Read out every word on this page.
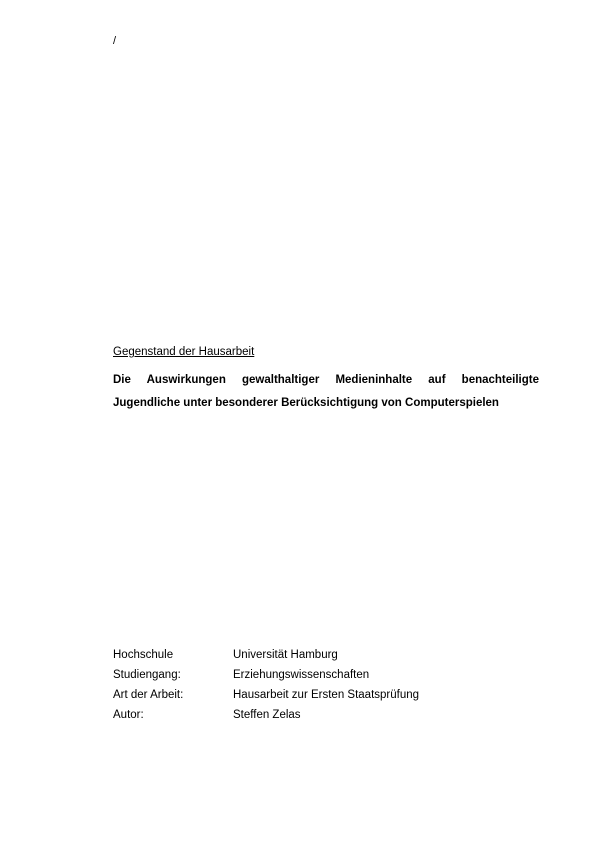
/
Gegenstand der Hausarbeit

Die Auswirkungen gewalthaltiger Medieninhalte auf benachteiligte Jugendliche unter besonderer Berücksichtigung von Computerspielen

Hochschule	Universität Hamburg
Studiengang:	Erziehungswissenschaften
Art der Arbeit:	Hausarbeit zur Ersten Staatsprüfung
Autor:	Steffen Zelas
